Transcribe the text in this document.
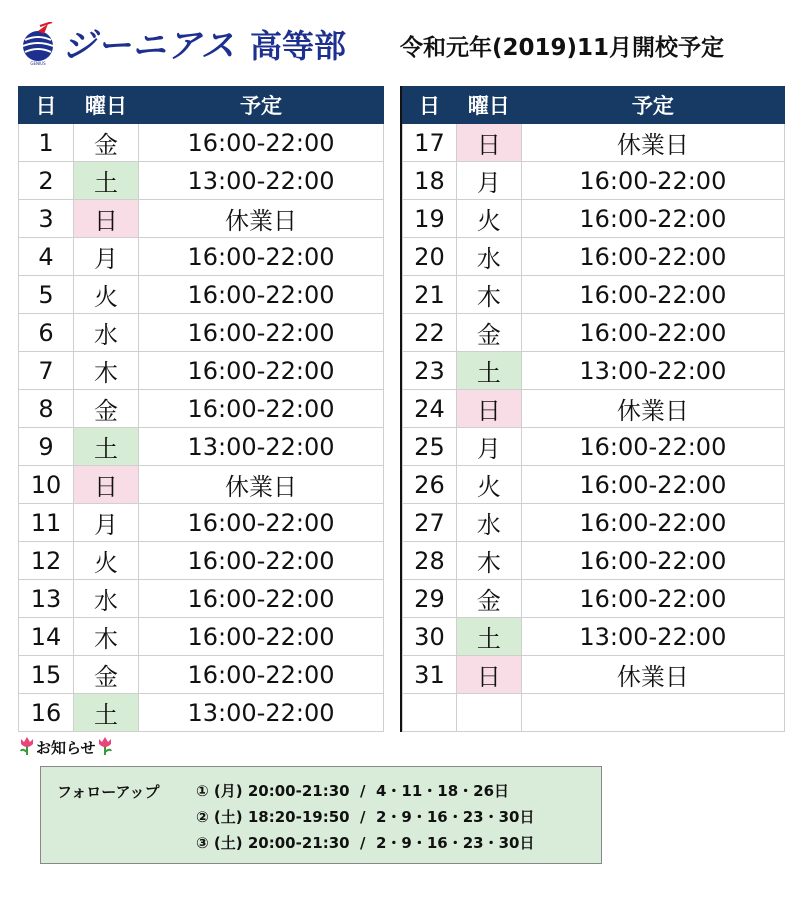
GENIUS ジーニアス 高等部 令和元年(2019)11月開校予定
日	曜日	予定
1	金	16:00-22:00
2	土	13:00-22:00
3	日	休業日
4	月	16:00-22:00
5	火	16:00-22:00
6	水	16:00-22:00
7	木	16:00-22:00
8	金	16:00-22:00
9	土	13:00-22:00
10	日	休業日
11	月	16:00-22:00
12	火	16:00-22:00
13	水	16:00-22:00
14	木	16:00-22:00
15	金	16:00-22:00
16	土	13:00-22:00
日	曜日	予定
17	日	休業日
18	月	16:00-22:00
19	火	16:00-22:00
20	水	16:00-22:00
21	木	16:00-22:00
22	金	16:00-22:00
23	土	13:00-22:00
24	日	休業日
25	月	16:00-22:00
26	火	16:00-22:00
27	水	16:00-22:00
28	木	16:00-22:00
29	金	16:00-22:00
30	土	13:00-22:00
31	日	休業日

お知らせ
フォローアップ ① (月) 20:00-21:30  /  4・11・18・26日
② (土) 18:20-19:50  /  2・9・16・23・30日
③ (土) 20:00-21:30  /  2・9・16・23・30日
